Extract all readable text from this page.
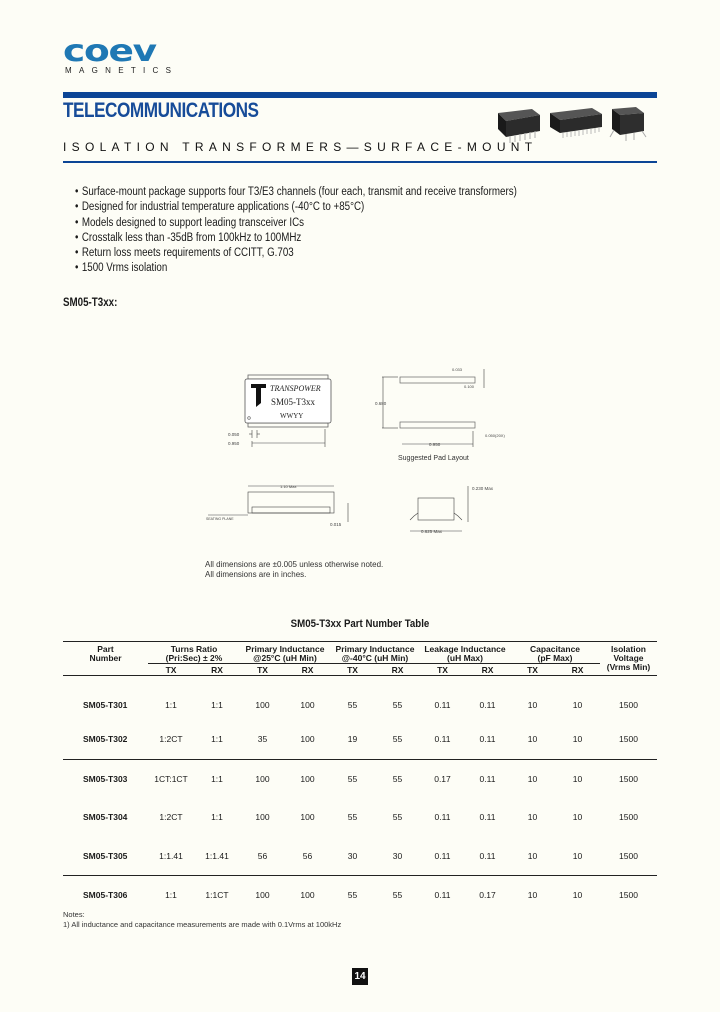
coev
MAGNETICS
TELECOMMUNICATIONS
ISOLATION TRANSFORMERS—SURFACE-MOUNT
• Surface-mount package supports four T3/E3 channels (four each, transmit and receive transformers)
• Designed for industrial temperature applications (-40°C to +85°C)
• Models designed to support leading transceiver ICs
• Crosstalk less than -35dB from 100kHz to 100MHz
• Return loss meets requirements of CCITT, G.703
• 1500 Vrms isolation
SM05-T3xx:
TRANSPOWER
SM05-T3xx
WWYY
0.050
0.950
0.680
0.033
0.100
0.050(20X)
0.950
Suggested Pad Layout
1.10 Max
SEATING PLANE
0.015
0.230 Max
0.625 Max
All dimensions are ±0.005 unless otherwise noted.
All dimensions are in inches.
SM05-T3xx Part Number Table
Part
Number

Turns Ratio
(Pri:Sec) ± 2%

Primary Inductance
@25°C (uH Min)

Primary Inductance
@-40°C (uH Min)

Leakage Inductance
(uH Max)

Capacitance
(pF Max)

Isolation
Voltage
(Vrms Min)

	TX	RX	TX	RX	TX	RX	TX	RX	TX	RX	
SM05-T301	1:1	1:1	100	100	55	55	0.11	0.11	10	10	1500
SM05-T302	1:2CT	1:1	35	100	19	55	0.11	0.11	10	10	1500
SM05-T303	1CT:1CT	1:1	100	100	55	55	0.17	0.11	10	10	1500
SM05-T304	1:2CT	1:1	100	100	55	55	0.11	0.11	10	10	1500
SM05-T305	1:1.41	1:1.41	56	56	30	30	0.11	0.11	10	10	1500
SM05-T306	1:1	1:1CT	100	100	55	55	0.11	0.17	10	10	1500
Notes:
1) All inductance and capacitance measurements are made with 0.1Vrms at 100kHz
14
